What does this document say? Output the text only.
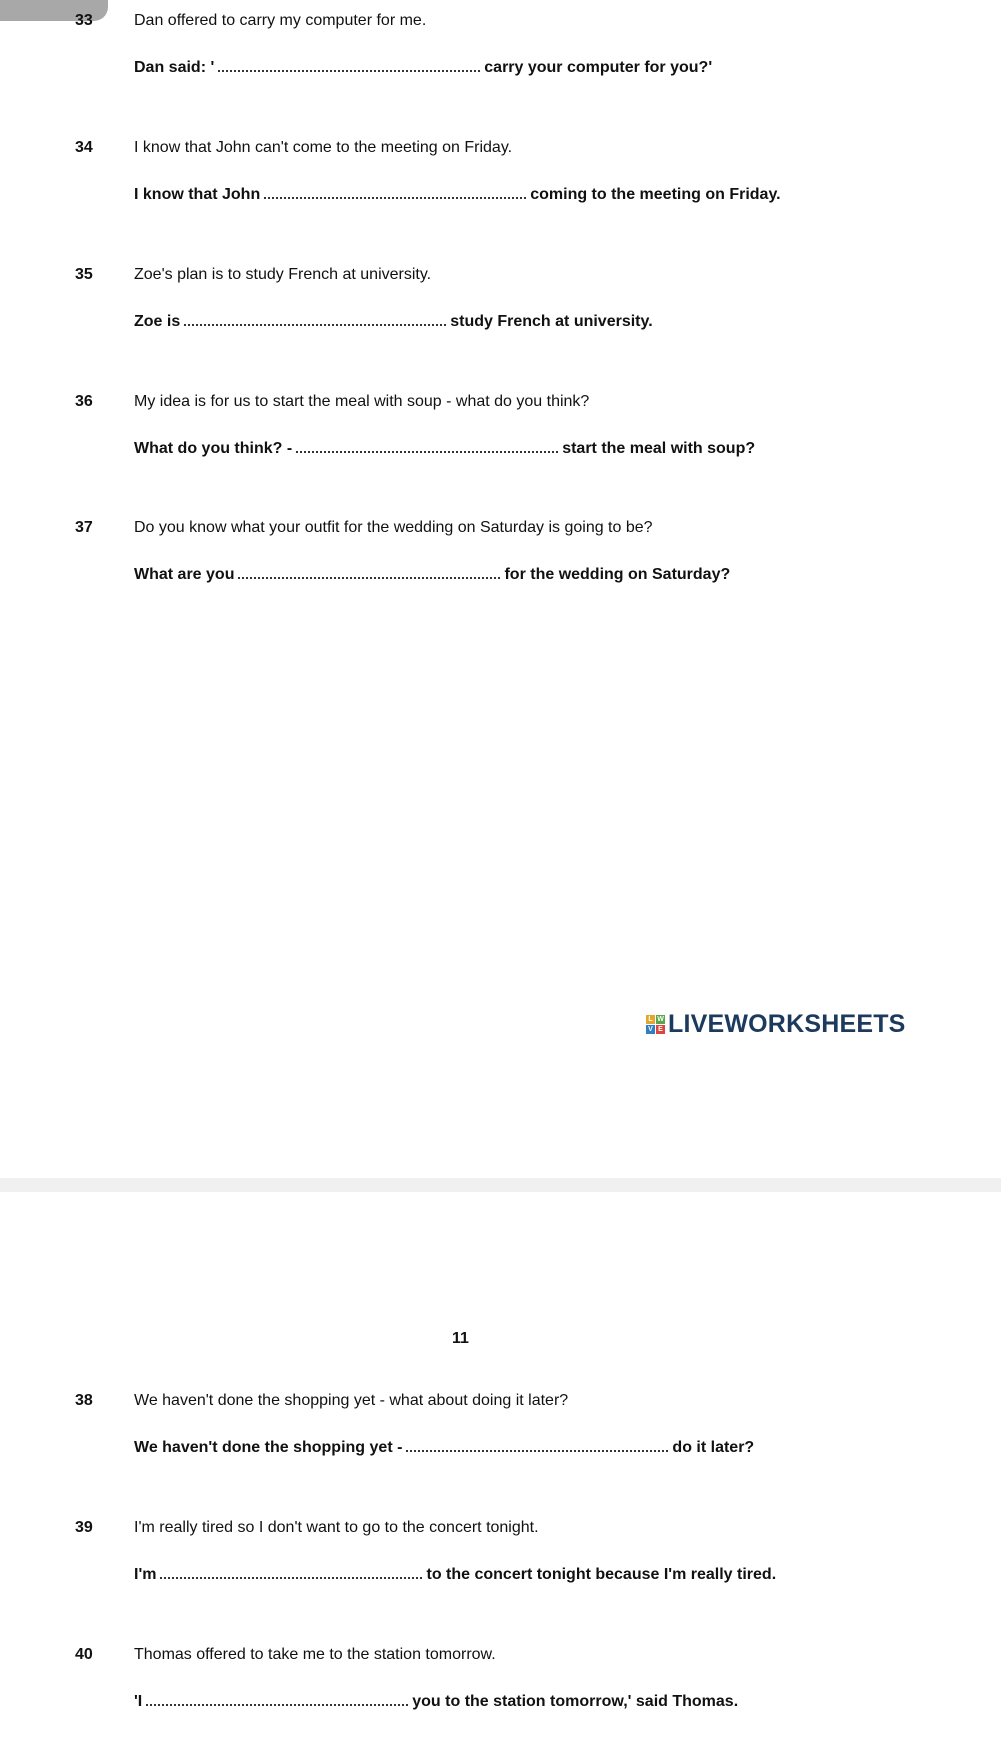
33	Dan offered to carry my computer for me.
Dan said: '	carry your computer for you?'
34	I know that John can't come to the meeting on Friday.
I know that John	coming to the meeting on Friday.
35	Zoe's plan is to study French at university.
Zoe is	study French at university.
36	My idea is for us to start the meal with soup - what do you think?
What do you think? -	start the meal with soup?
37	Do you know what your outfit for the wedding on Saturday is going to be?
What are you	for the wedding on Saturday?
L W
V E LIVEWORKSHEETS
11
38	We haven't done the shopping yet - what about doing it later?
We haven't done the shopping yet -	do it later?
39	I'm really tired so I don't want to go to the concert tonight.
I'm	to the concert tonight because I'm really tired.
40	Thomas offered to take me to the station tomorrow.
'I	you to the station tomorrow,' said Thomas.
